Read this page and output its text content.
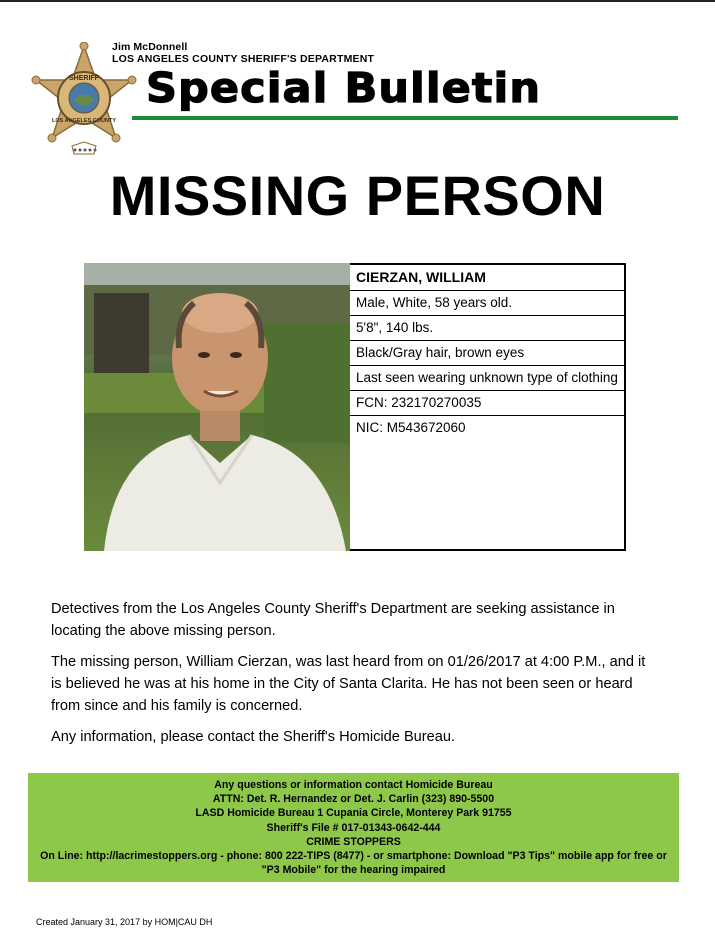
SHERIFF
LOS ANGELES COUNTY
Jim McDonnell
LOS ANGELES COUNTY SHERIFF'S DEPARTMENT
Special Bulletin
MISSING PERSON
CIERZAN, WILLIAM
Male, White, 58 years old.
5'8", 140 lbs.
Black/Gray hair, brown eyes
Last seen wearing unknown type of clothing
FCN: 232170270035
NIC: M543672060

Detectives from the Los Angeles County Sheriff's Department are seeking assistance in locating the above missing person.

The missing person, William Cierzan, was last heard from on 01/26/2017 at 4:00 P.M., and it is believed he was at his home in the City of Santa Clarita. He has not been seen or heard from since and his family is concerned.

Any information, please contact the Sheriff's Homicide Bureau.

Any questions or information contact Homicide Bureau
ATTN: Det. R. Hernandez or Det. J. Carlin (323) 890-5500
LASD Homicide Bureau 1 Cupania Circle, Monterey Park 91755
Sheriff's File # 017-01343-0642-444
CRIME STOPPERS
On Line: http://lacrimestoppers.org - phone: 800 222-TIPS (8477) - or smartphone: Download "P3 Tips" mobile app for free or "P3 Mobile" for the hearing impaired
Created January 31, 2017 by HOM|CAU DH
